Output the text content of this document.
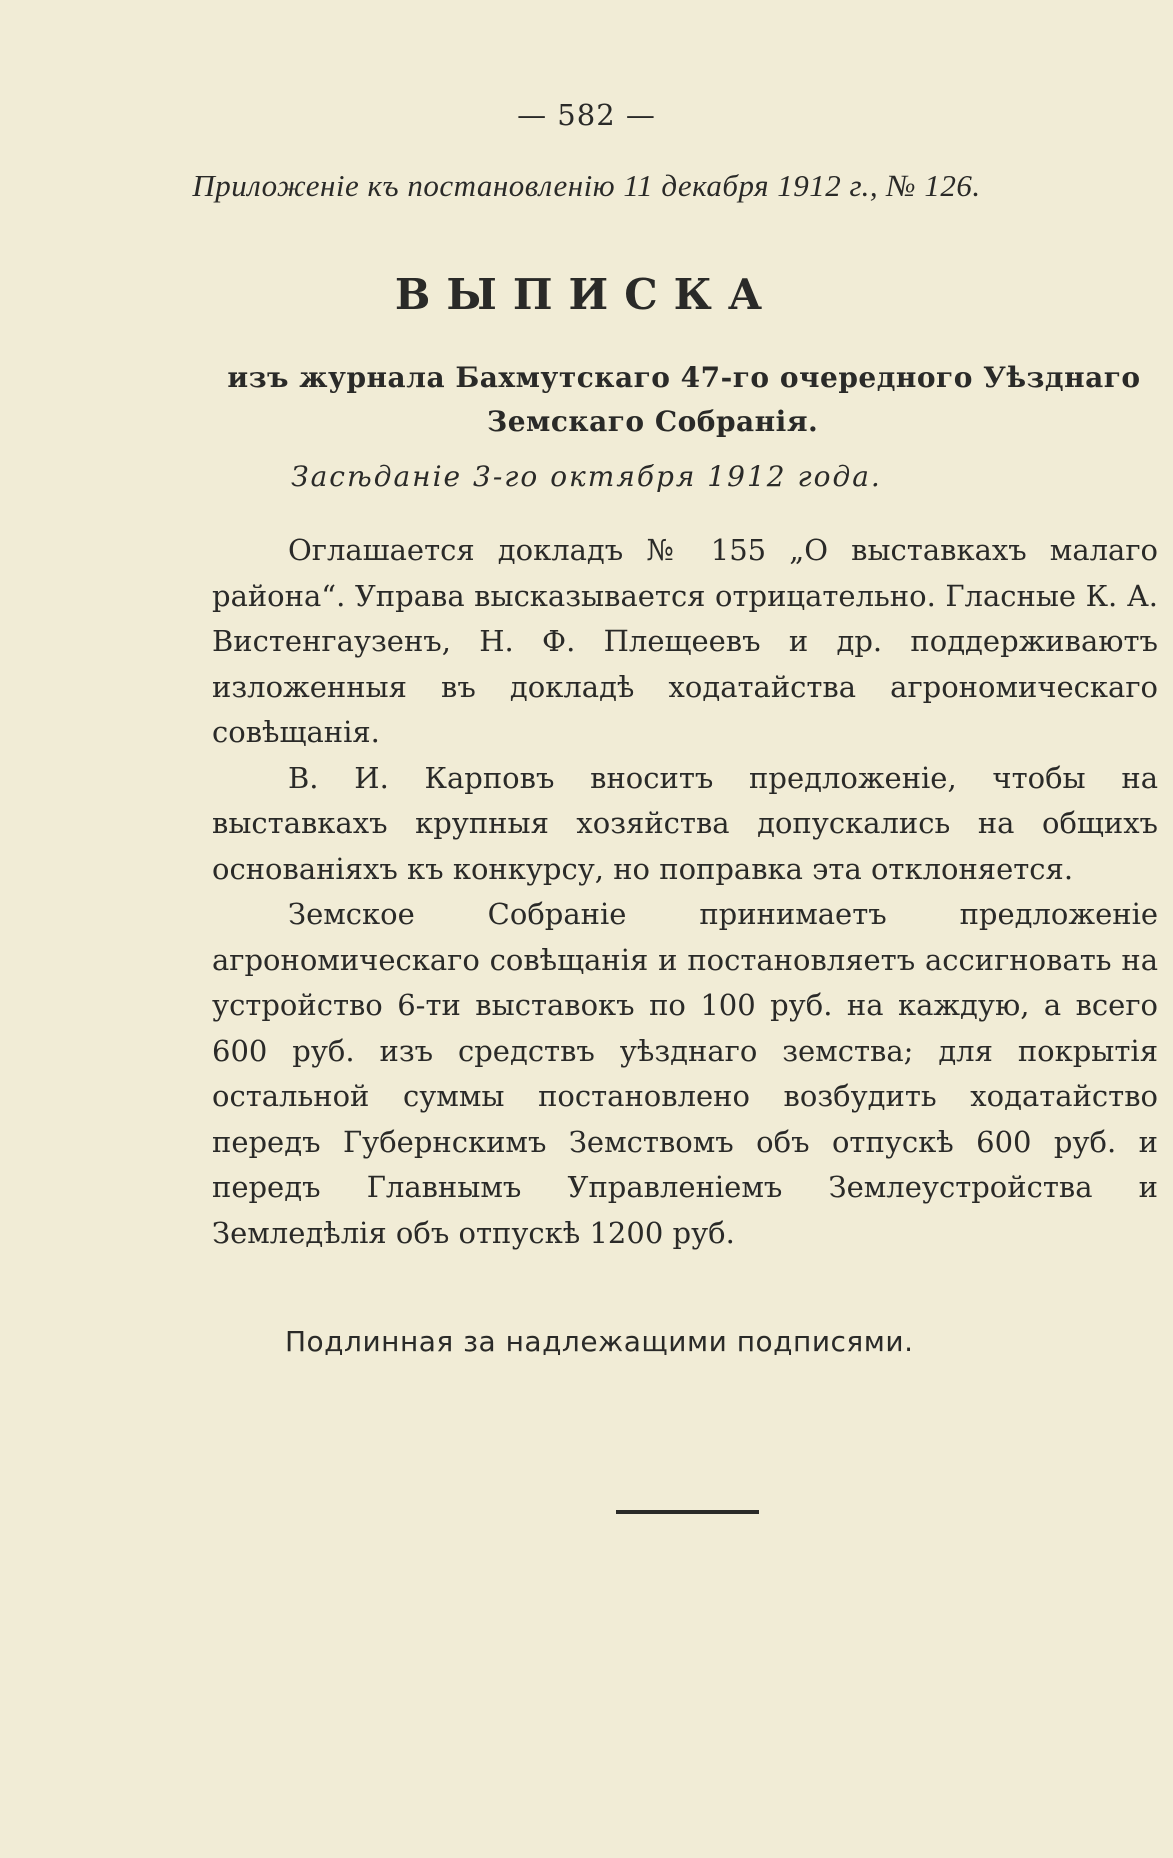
— 582 —
Приложеніе къ постановленію 11 декабря 1912 г., № 126.
ВЫПИСКА
изъ журнала Бахмутскаго 47-го очередного Уѣзднаго
Земскаго Собранія.
Засѣданіе 3-го октября 1912 года.

Оглашается докладъ № 155 „О выставкахъ малаго района“. Управа высказывается отрицательно. Гласные К. А. Вистенгаузенъ, Н. Ф. Плещеевъ и др. поддерживаютъ изложенныя въ докладѣ ходатайства агрономическаго совѣщанія.

В. И. Карповъ вноситъ предложеніе, чтобы на выставкахъ крупныя хозяйства допускались на общихъ основаніяхъ къ конкурсу, но поправка эта отклоняется.

Земское Собраніе принимаетъ предложеніе агрономическаго совѣщанія и постановляетъ ассигновать на устройство 6-ти выставокъ по 100 руб. на каждую, а всего 600 руб. изъ средствъ уѣзднаго земства; для покрытія остальной суммы постановлено возбудить ходатайство передъ Губернскимъ Земствомъ объ отпускѣ 600 руб. и передъ Главнымъ Управленіемъ Землеустройства и Земледѣлія объ отпускѣ 1200 руб.

Подлинная за надлежащими подписями.
